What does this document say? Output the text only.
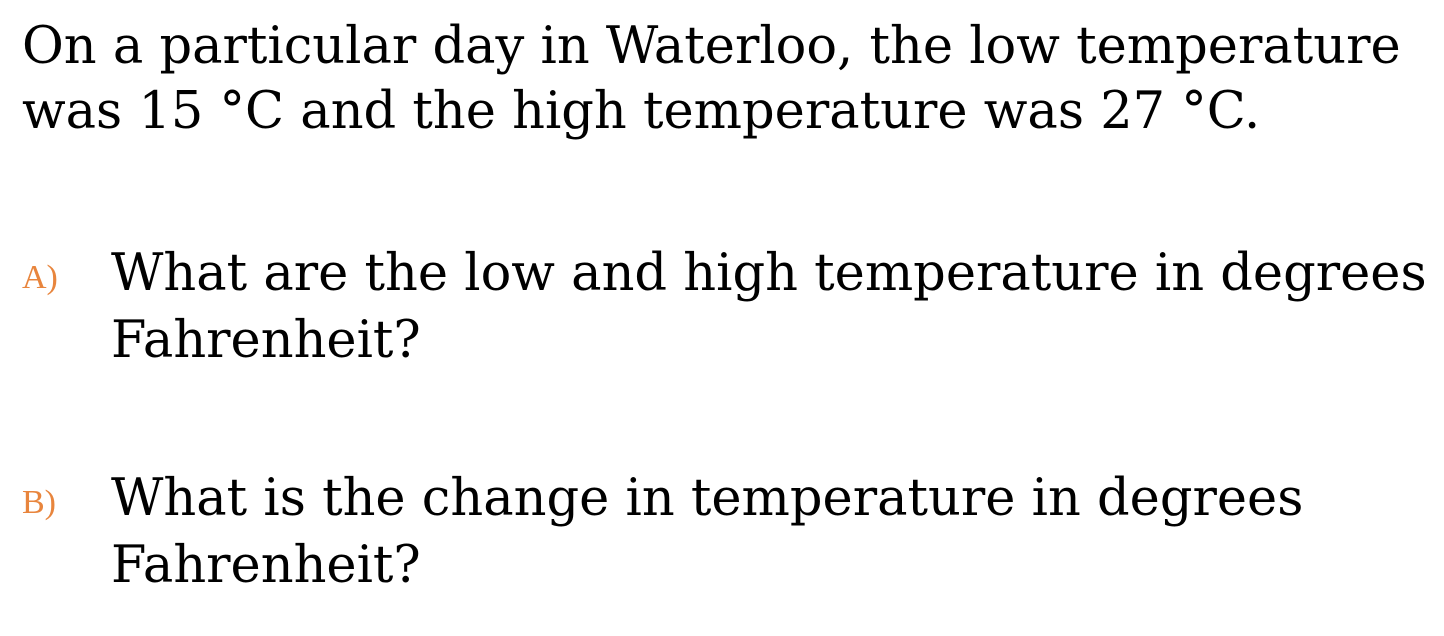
On a particular day in Waterloo, the low temperature
was 15 °C and the high temperature was 27 °C.

A) What are the low and high temperature in degrees
Fahrenheit?

B) What is the change in temperature in degrees
Fahrenheit?
